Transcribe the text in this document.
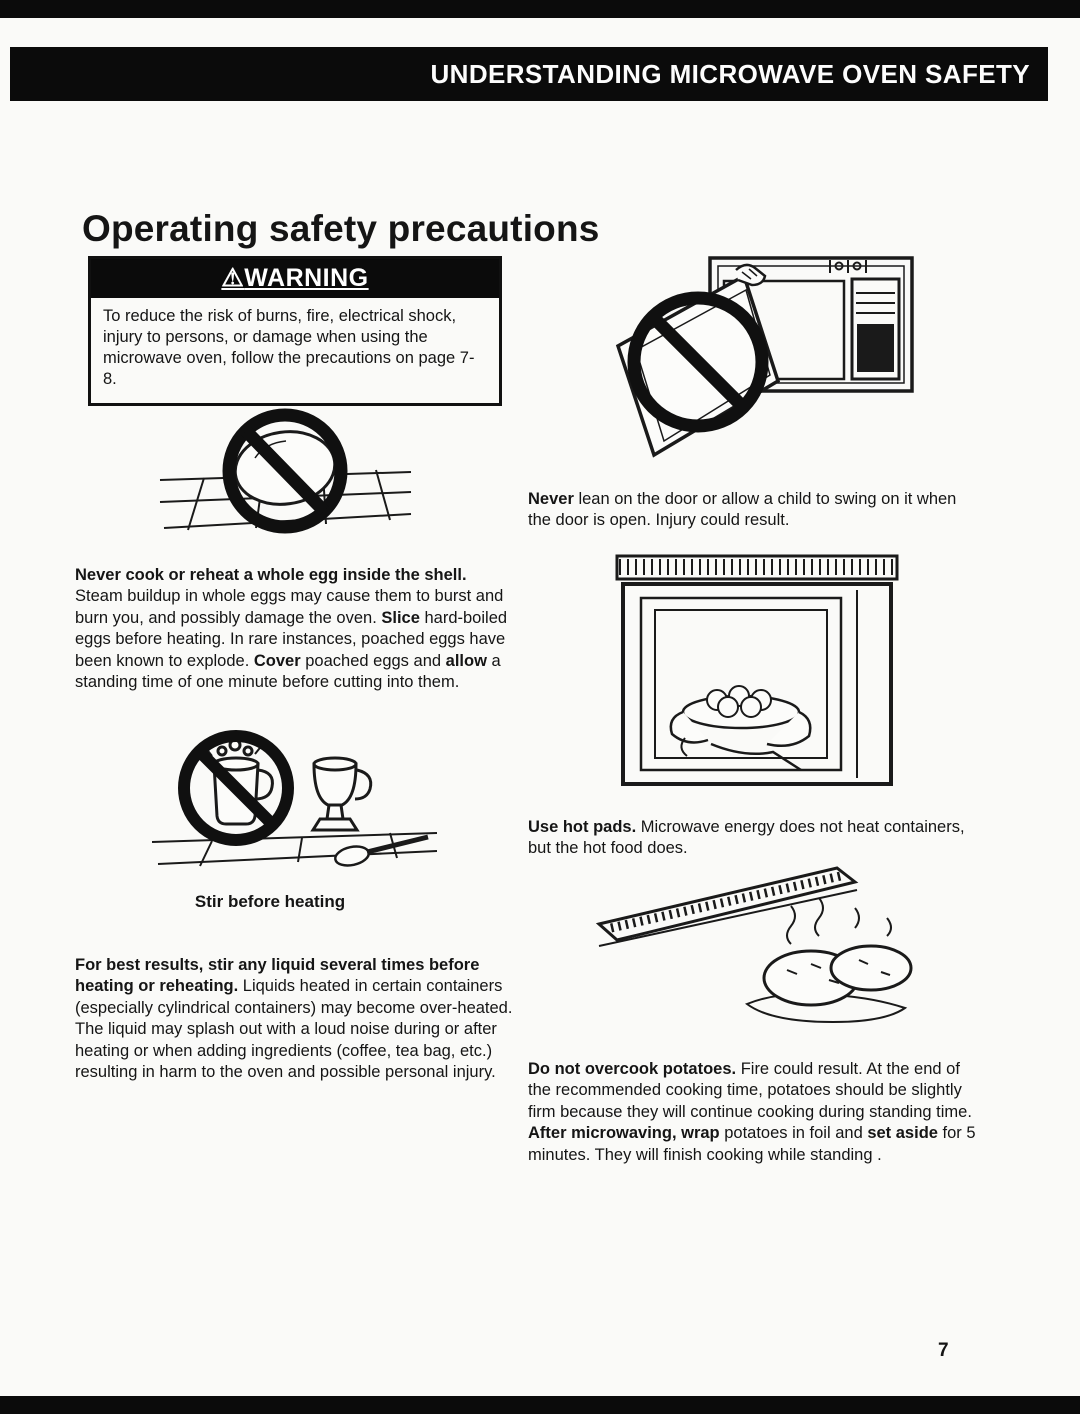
UNDERSTANDING MICROWAVE OVEN SAFETY
Operating safety precautions
⚠WARNING
To reduce the risk of burns, fire, electrical shock, injury to persons, or damage when using the microwave oven, follow the precautions on page 7-8.

Never cook or reheat a whole egg inside the shell. Steam buildup in whole eggs may cause them to burst and burn you, and possibly damage the oven. Slice hard-boiled eggs before heating. In rare instances, poached eggs have been known to explode. Cover poached eggs and allow a standing time of one minute before cutting into them.

Stir before heating

For best results, stir any liquid several times before heating or reheating. Liquids heated in certain containers (especially cylindrical containers) may become over-heated. The liquid may splash out with a loud noise during or after heating or when adding ingredients (coffee, tea bag, etc.) resulting in harm to the oven and possible personal injury.

Never lean on the door or allow a child to swing on it when the door is open. Injury could result.

Use hot pads. Microwave energy does not heat containers, but the hot food does.

Do not overcook potatoes. Fire could result. At the end of the recommended cooking time, potatoes should be slightly firm because they will continue cooking during standing time. After microwaving, wrap potatoes in foil and set aside for 5 minutes. They will finish cooking while standing .

7
